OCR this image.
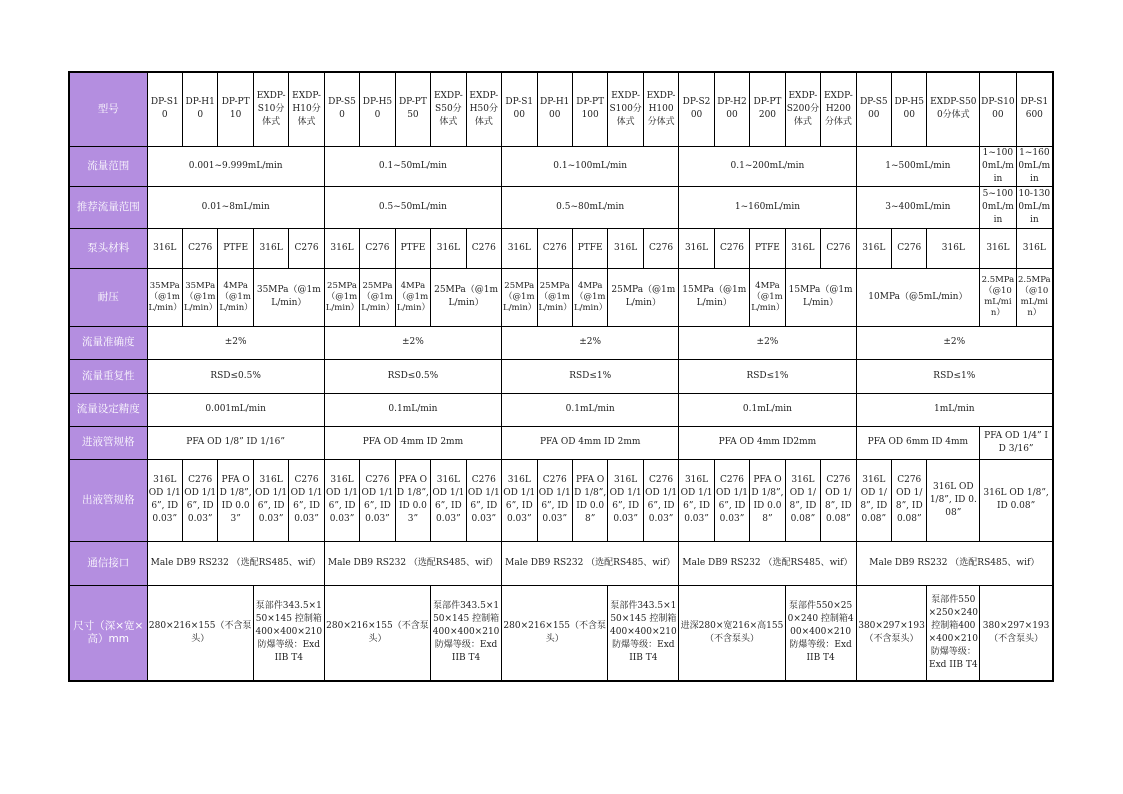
型号	DP-S10	DP-H10	DP-PT10	EXDP-S10分体式	EXDP-H10分体式	DP-S50	DP-H50	DP-PT50	EXDP-S50分体式	EXDP-H50分体式	DP-S100	DP-H100	DP-PT100	EXDP-S100分体式	EXDP-H100分体式	DP-S200	DP-H200	DP-PT200	EXDP-S200分体式	EXDP-H200分体式	DP-S500	DP-H500	EXDP-S500分体式	DP-S1000	DP-S1600
流量范围	0.001~9.999mL/min					0.1~50mL/min					0.1~100mL/min					0.1~200mL/min					1~500mL/min			1~1000mL/min	1~1600mL/min
推荐流量范围	0.01~8mL/min					0.5~50mL/min					0.5~80mL/min					1~160mL/min					3~400mL/min			5~1000mL/min	10-1300mL/min
泵头材料	316L	C276	PTFE	316L	C276	316L	C276	PTFE	316L	C276	316L	C276	PTFE	316L	C276	316L	C276	PTFE	316L	C276	316L	C276	316L	316L	316L
耐压	35MPa（@1mL/min）	35MPa（@1mL/min）	4MPa（@1mL/min）	35MPa（@1mL/min）		25MPa（@1mL/min）	25MPa（@1mL/min）	4MPa（@1mL/min）	25MPa（@1mL/min）		25MPa（@1mL/min）	25MPa（@1mL/min）	4MPa（@1mL/min）	25MPa（@1mL/min）		15MPa（@1mL/min）		4MPa（@1mL/min）	15MPa（@1mL/min）		10MPa（@5mL/min）			2.5MPa（@10mL/min）	2.5MPa（@10mL/min）
流量准确度	±2%					±2%					±2%					±2%					±2%				
流量重复性	RSD≤0.5%					RSD≤0.5%					RSD≤1%					RSD≤1%					RSD≤1%				
流量设定精度	0.001mL/min					0.1mL/min					0.1mL/min					0.1mL/min					1mL/min				
进液管规格	PFA OD 1/8” ID 1/16”					PFA OD 4mm ID 2mm					PFA OD 4mm ID 2mm					PFA OD 4mm ID2mm					PFA OD 6mm ID 4mm			PFA OD 1/4” ID 3/16”	
出液管规格	316L OD 1/16”, ID 0.03”	C276 OD 1/16”, ID 0.03”	PFA OD 1/8”, ID 0.03”	316L OD 1/16”, ID 0.03”	C276 OD 1/16”, ID 0.03”	316L OD 1/16”, ID 0.03”	C276 OD 1/16”, ID 0.03”	PFA OD 1/8”, ID 0.03”	316L OD 1/16”, ID 0.03”	C276 OD 1/16”, ID 0.03”	316L OD 1/16”, ID 0.03”	C276 OD 1/16”, ID 0.03”	PFA OD 1/8”, ID 0.08”	316L OD 1/16”, ID 0.03”	C276 OD 1/16”, ID 0.03”	316L OD 1/16”, ID 0.03”	C276 OD 1/16”, ID 0.03”	PFA OD 1/8”, ID 0.08”	316L OD 1/8”, ID 0.08”	C276 OD 1/8”, ID 0.08”	316L OD 1/8”, ID 0.08”	C276 OD 1/8”, ID 0.08”	316L OD 1/8”, ID 0.08”	316L OD 1/8”, ID 0.08”	
通信接口	Male DB9 RS232 （选配RS485、wif）					Male DB9 RS232 （选配RS485、wif）					Male DB9 RS232 （选配RS485、wif）					Male DB9 RS232 （选配RS485、wif）					Male DB9 RS232 （选配RS485、wif）				
尺寸（深×宽×高）mm	280×216×155（不含泵头）			泵部件343.5×150×145 控制箱400×400×210 防爆等级：Exd IIB T4		280×216×155（不含泵头）			泵部件343.5×150×145 控制箱400×400×210 防爆等级：Exd IIB T4		280×216×155（不含泵头）			泵部件343.5×150×145 控制箱400×400×210 防爆等级：Exd IIB T4		进深280×宽216×高155（不含泵头）			泵部件550×250×240 控制箱400×400×210 防爆等级：Exd IIB T4		380×297×193（不含泵头）		泵部件550×250×240 控制箱400×400×210 防爆等级：Exd IIB T4	380×297×193（不含泵头）	
